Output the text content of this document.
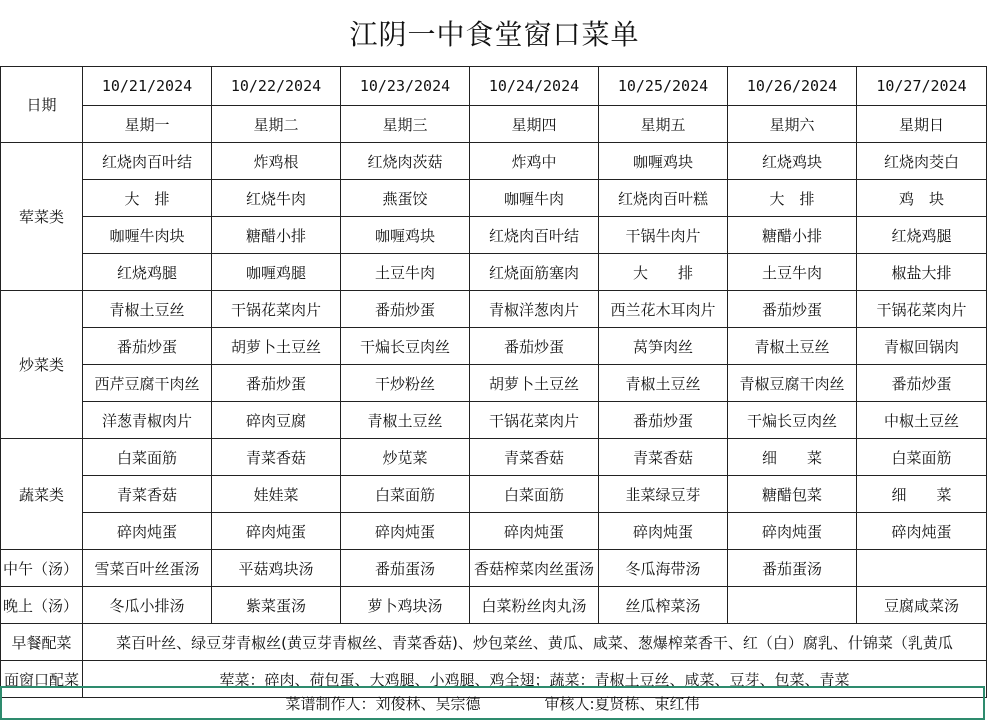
江阴一中食堂窗口菜单
日期	10/21/2024	10/22/2024	10/23/2024	10/24/2024	10/25/2024	10/26/2024	10/27/2024
	星期一	星期二	星期三	星期四	星期五	星期六	星期日
荤菜类	红烧肉百叶结	炸鸡根	红烧肉茨菇	炸鸡中	咖喱鸡块	红烧鸡块	红烧肉茭白
	大　排	红烧牛肉	燕蛋饺	咖喱牛肉	红烧肉百叶糕	大　排	鸡　块
	咖喱牛肉块	糖醋小排	咖喱鸡块	红烧肉百叶结	干锅牛肉片	糖醋小排	红烧鸡腿
	红烧鸡腿	咖喱鸡腿	土豆牛肉	红烧面筋塞肉	大　　排	土豆牛肉	椒盐大排
炒菜类	青椒土豆丝	干锅花菜肉片	番茄炒蛋	青椒洋葱肉片	西兰花木耳肉片	番茄炒蛋	干锅花菜肉片
	番茄炒蛋	胡萝卜土豆丝	干煸长豆肉丝	番茄炒蛋	莴笋肉丝	青椒土豆丝	青椒回锅肉
	西芹豆腐干肉丝	番茄炒蛋	干炒粉丝	胡萝卜土豆丝	青椒土豆丝	青椒豆腐干肉丝	番茄炒蛋
	洋葱青椒肉片	碎肉豆腐	青椒土豆丝	干锅花菜肉片	番茄炒蛋	干煸长豆肉丝	中椒土豆丝
蔬菜类	白菜面筋	青菜香菇	炒苋菜	青菜香菇	青菜香菇	细　　菜	白菜面筋
	青菜香菇	娃娃菜	白菜面筋	白菜面筋	韭菜绿豆芽	糖醋包菜	细　　菜
	碎肉炖蛋	碎肉炖蛋	碎肉炖蛋	碎肉炖蛋	碎肉炖蛋	碎肉炖蛋	碎肉炖蛋
中午（汤）	雪菜百叶丝蛋汤	平菇鸡块汤	番茄蛋汤	香菇榨菜肉丝蛋汤	冬瓜海带汤	番茄蛋汤	
晚上（汤）	冬瓜小排汤	紫菜蛋汤	萝卜鸡块汤	白菜粉丝肉丸汤	丝瓜榨菜汤		豆腐咸菜汤
早餐配菜	菜百叶丝、绿豆芽青椒丝(黄豆芽青椒丝、青菜香菇)、炒包菜丝、黄瓜、咸菜、葱爆榨菜香干、红（白）腐乳、什锦菜（乳黄瓜						
面窗口配菜	荤菜：碎肉、荷包蛋、大鸡腿、小鸡腿、鸡全翅；蔬菜：青椒土豆丝、咸菜、豆芽、包菜、青菜						
菜谱制作人：刘俊林、吴宗德	审核人:夏贤栋、束红伟
